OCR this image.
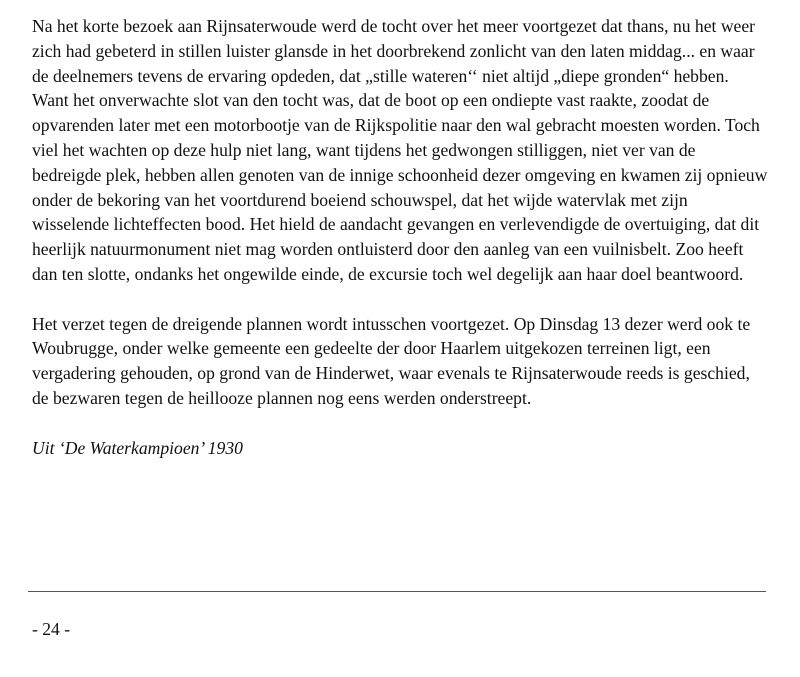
Na het korte bezoek aan Rijnsaterwoude werd de tocht over het meer voortgezet dat thans, nu het weer zich had gebeterd in stillen luister glansde in het doorbrekend zonlicht van den laten middag... en waar de deelnemers tevens de ervaring opdeden, dat „stille wateren‘‘ niet altijd „diepe gronden“ hebben. Want het onverwachte slot van den tocht was, dat de boot op een ondiepte vast raakte, zoodat de opvarenden later met een motorbootje van de Rijkspolitie naar den wal gebracht moesten worden. Toch viel het wachten op deze hulp niet lang, want tijdens het gedwongen stilliggen, niet ver van de bedreigde plek, hebben allen genoten van de innige schoonheid dezer omgeving en kwamen zij opnieuw onder de bekoring van het voortdurend boeiend schouwspel, dat het wijde watervlak met zijn wisselende lichteffecten bood. Het hield de aandacht gevangen en verlevendigde de overtuiging, dat dit heerlijk natuurmonument niet mag worden ontluisterd door den aanleg van een vuilnisbelt. Zoo heeft dan ten slotte, ondanks het ongewilde einde, de excursie toch wel degelijk aan haar doel beantwoord.

Het verzet tegen de dreigende plannen wordt intusschen voortgezet. Op Dinsdag 13 dezer werd ook te Woubrugge, onder welke gemeente een gedeelte der door Haarlem uitgekozen terreinen ligt, een vergadering gehouden, op grond van de Hinderwet, waar evenals te Rijnsaterwoude reeds is geschied, de bezwaren tegen de heillooze plannen nog eens werden onderstreept.

Uit ‘De Waterkampioen’ 1930

- 24 -
